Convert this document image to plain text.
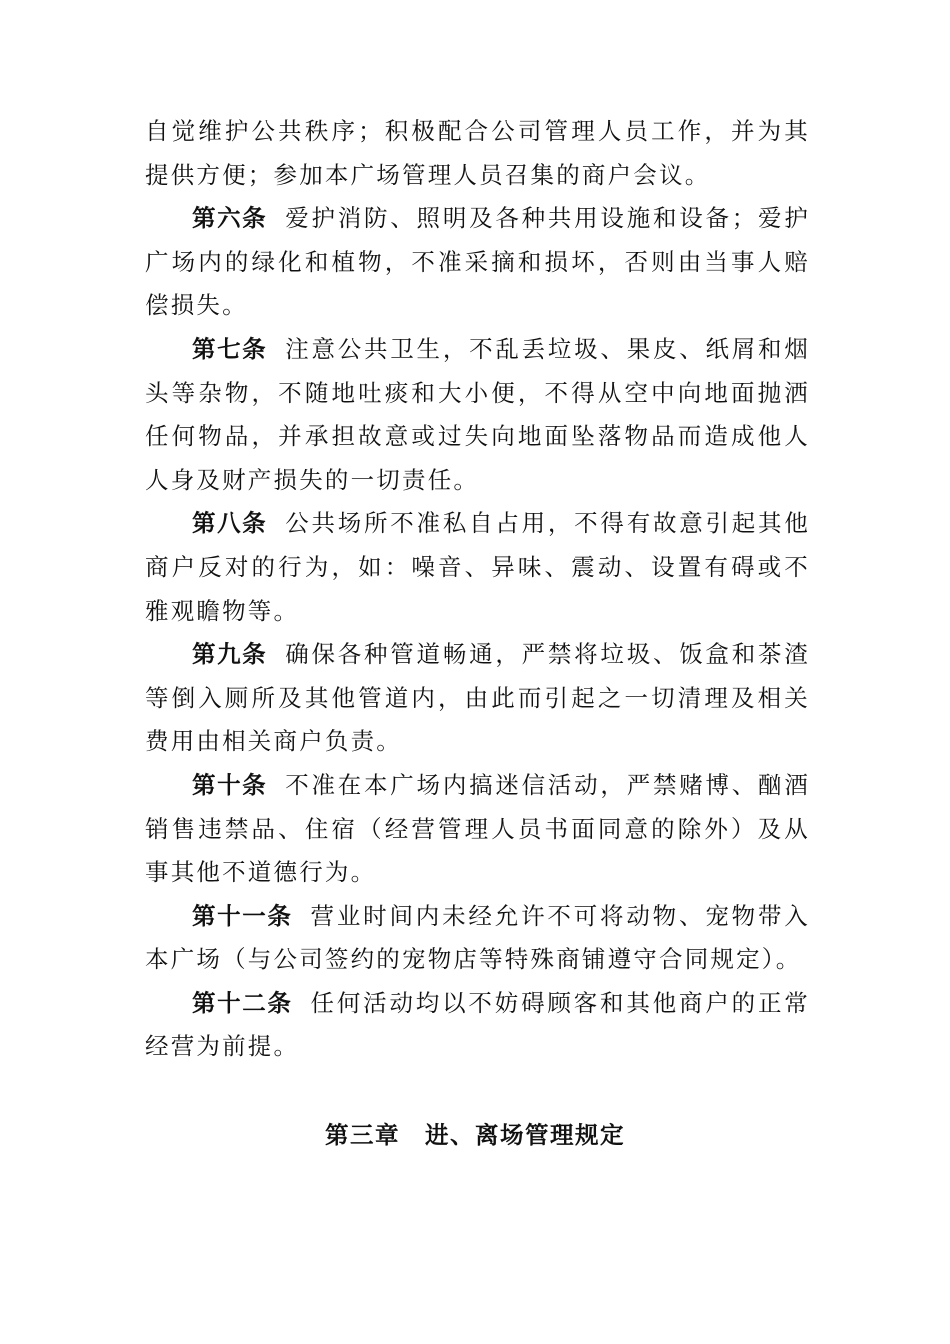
自觉维护公共秩序；积极配合公司管理人员工作，并为其提供方便；参加本广场管理人员召集的商户会议。

第六条 爱护消防、照明及各种共用设施和设备；爱护广场内的绿化和植物，不准采摘和损坏，否则由当事人赔偿损失。

第七条 注意公共卫生，不乱丢垃圾、果皮、纸屑和烟头等杂物，不随地吐痰和大小便，不得从空中向地面抛洒任何物品，并承担故意或过失向地面坠落物品而造成他人人身及财产损失的一切责任。

第八条 公共场所不准私自占用，不得有故意引起其他商户反对的行为，如：噪音、异味、震动、设置有碍或不雅观瞻物等。

第九条 确保各种管道畅通，严禁将垃圾、饭盒和茶渣等倒入厕所及其他管道内，由此而引起之一切清理及相关费用由相关商户负责。

第十条 不准在本广场内搞迷信活动，严禁赌博、酗酒销售违禁品、住宿（经营管理人员书面同意的除外）及从事其他不道德行为。

第十一条 营业时间内未经允许不可将动物、宠物带入本广场（与公司签约的宠物店等特殊商铺遵守合同规定）。

第十二条 任何活动均以不妨碍顾客和其他商户的正常经营为前提。

第三章　进、离场管理规定
